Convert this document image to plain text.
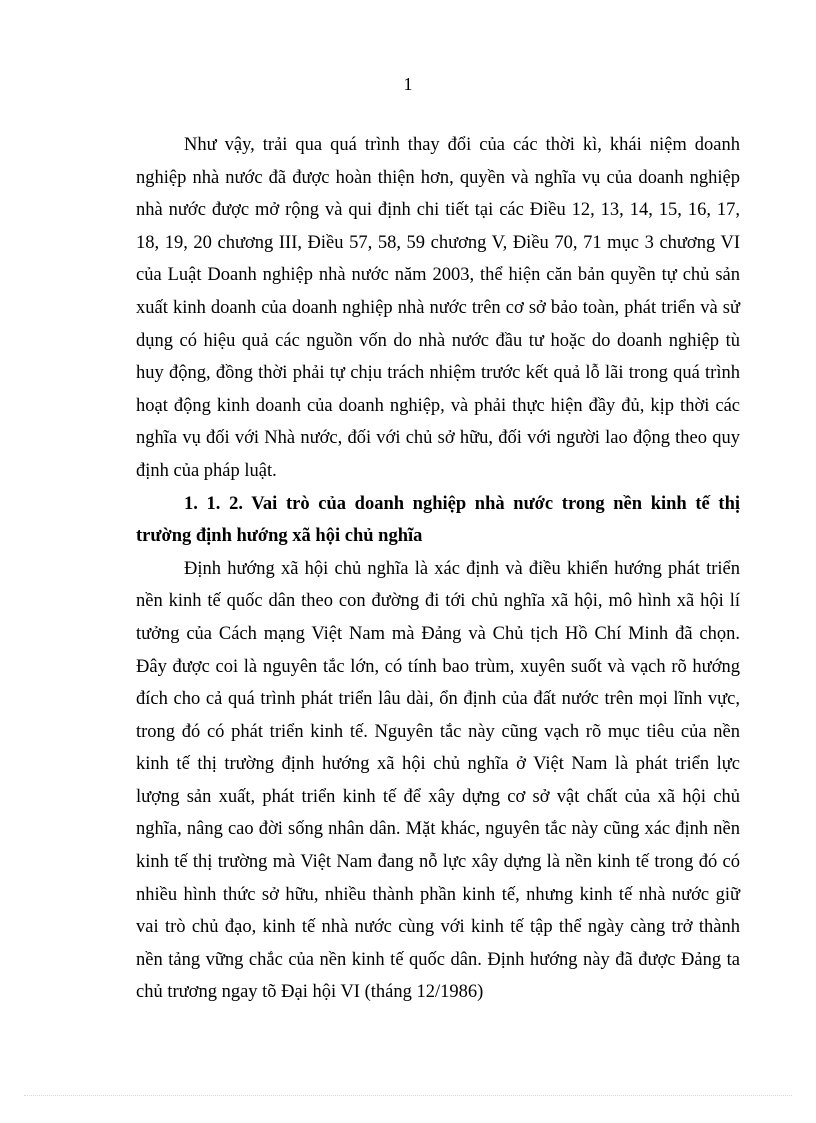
1

Như vậy, trải qua quá trình thay đổi của các thời kì, khái niệm doanh nghiệp nhà nước đã được hoàn thiện hơn, quyền và nghĩa vụ của doanh nghiệp nhà nước được mở rộng và qui định chi tiết tại các Điều 12, 13, 14, 15, 16, 17, 18, 19, 20 chương III, Điều 57, 58, 59 chương V, Điều 70, 71 mục 3 chương VI của Luật Doanh nghiệp nhà nước năm 2003, thể hiện căn bản quyền tự chủ sản xuất kinh doanh của doanh nghiệp nhà nước trên cơ sở bảo toàn, phát triển và sử dụng có hiệu quả các nguồn vốn do nhà nước đầu tư hoặc do doanh nghiệp tù huy động, đồng thời phải tự chịu trách nhiệm trước kết quả lỗ lãi trong quá trình hoạt động kinh doanh của doanh nghiệp, và phải thực hiện đầy đủ, kịp thời các nghĩa vụ đối với Nhà nước, đối với chủ sở hữu, đối với người lao động theo quy định của pháp luật.

1. 1. 2. Vai trò của doanh nghiệp nhà nước trong nền kinh tế thị trường định hướng xã hội chủ nghĩa

Định hướng xã hội chủ nghĩa là xác định và điều khiển hướng phát triển nền kinh tế quốc dân theo con đường đi tới chủ nghĩa xã hội, mô hình xã hội lí tưởng của Cách mạng Việt Nam mà Đảng và Chủ tịch Hồ Chí Minh đã chọn. Đây được coi là nguyên tắc lớn, có tính bao trùm, xuyên suốt và vạch rõ hướng đích cho cả quá trình phát triển lâu dài, ổn định của đất nước trên mọi lĩnh vực, trong đó có phát triển kinh tế. Nguyên tắc này cũng vạch rõ mục tiêu của nền kinh tế thị trường định hướng xã hội chủ nghĩa ở Việt Nam là phát triển lực lượng sản xuất, phát triển kinh tế để xây dựng cơ sở vật chất của xã hội chủ nghĩa, nâng cao đời sống nhân dân. Mặt khác, nguyên tắc này cũng xác định nền kinh tế thị trường mà Việt Nam đang nỗ lực xây dựng là nền kinh tế trong đó có nhiều hình thức sở hữu, nhiều thành phần kinh tế, nhưng kinh tế nhà nước giữ vai trò chủ đạo, kinh tế nhà nước cùng với kinh tế tập thể ngày càng trở thành nền tảng vững chắc của nền kinh tế quốc dân. Định hướng này đã được Đảng ta chủ trương ngay tõ Đại hội VI (tháng 12/1986)
